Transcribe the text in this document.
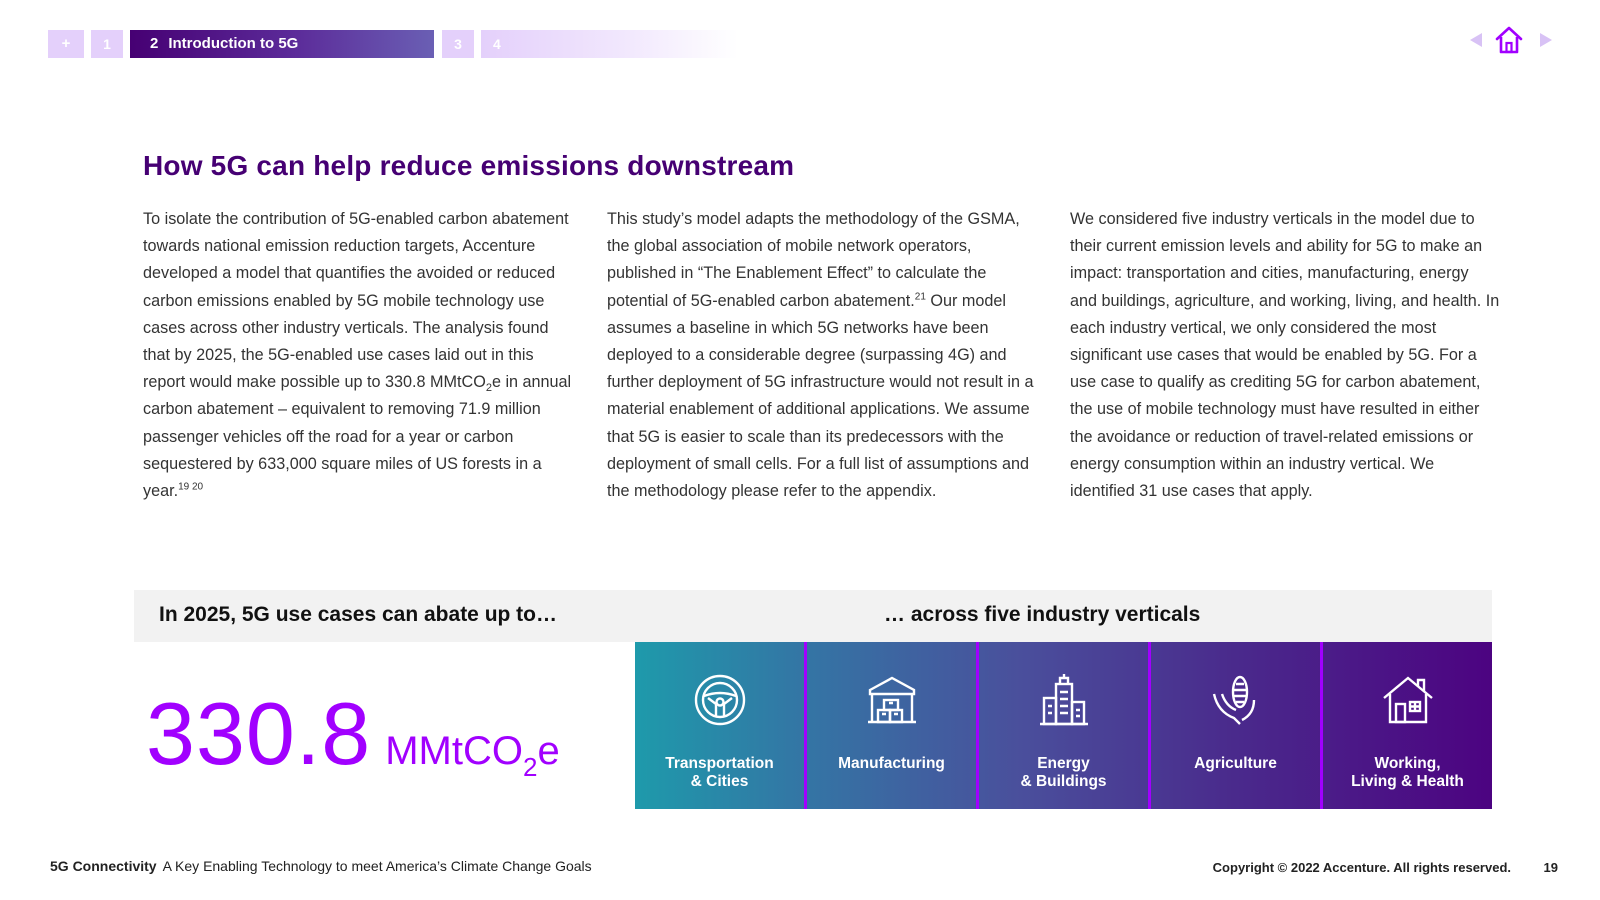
+	1	2 Introduction to 5G	3	4
How 5G can help reduce emissions downstream
To isolate the contribution of 5G-enabled carbon abatement towards national emission reduction targets, Accenture developed a model that quantifies the avoided or reduced carbon emissions enabled by 5G mobile technology use cases across other industry verticals. The analysis found that by 2025, the 5G-enabled use cases laid out in this report would make possible up to 330.8 MMtCO$_2$e in annual carbon abatement – equivalent to removing 71.9 million passenger vehicles off the road for a year or carbon sequestered by 633,000 square miles of US forests in a year.$^{19 20}$
This study’s model adapts the methodology of the GSMA, the global association of mobile network operators, published in “The Enablement Effect” to calculate the potential of 5G-enabled carbon abatement.$^{21}$ Our model assumes a baseline in which 5G networks have been deployed to a considerable degree (surpassing 4G) and further deployment of 5G infrastructure would not result in a material enablement of additional applications. We assume that 5G is easier to scale than its predecessors with the deployment of small cells. For a full list of assumptions and the methodology please refer to the appendix.
We considered five industry verticals in the model due to their current emission levels and ability for 5G to make an impact: transportation and cities, manufacturing, energy and buildings, agriculture, and working, living, and health. In each industry vertical, we only considered the most significant use cases that would be enabled by 5G. For a use case to qualify as crediting 5G for carbon abatement, the use of mobile technology must have resulted in either the avoidance or reduction of travel-related emissions or energy consumption within an industry vertical. We identified 31 use cases that apply.
In 2025, 5G use cases can abate up to…	… across five industry verticals
330.8 MMtCO$_2$e	Transportation
& Cities
Manufacturing	Energy
& Buildings
Agriculture	Working,
Living & Health
5G Connectivity A Key Enabling Technology to meet America’s Climate Change Goals	Copyright © 2022 Accenture. All rights reserved.	19
